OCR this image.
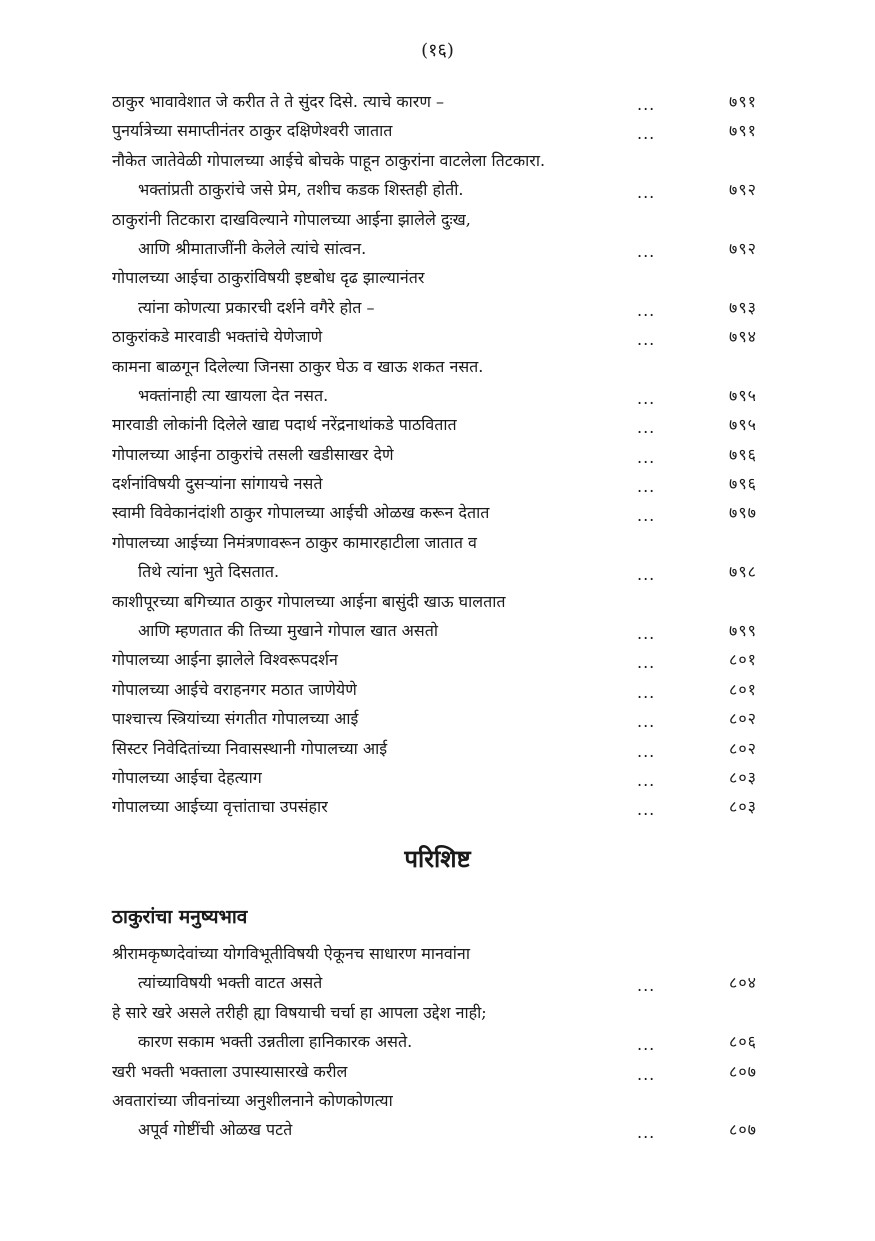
(१६)
ठाकुर भावावेशात जे करीत ते ते सुंदर दिसे. त्याचे कारण –	...	७९१
पुनर्यात्रेच्या समाप्तीनंतर ठाकुर दक्षिणेश्वरी जातात	...	७९१
नौकेत जातेवेळी गोपालच्या आईचे बोचके पाहून ठाकुरांना वाटलेला तिटकारा.
भक्तांप्रती ठाकुरांचे जसे प्रेम, तशीच कडक शिस्तही होती.	...	७९२
ठाकुरांनी तिटकारा दाखविल्याने गोपालच्या आईना झालेले दुःख,
आणि श्रीमाताजींनी केलेले त्यांचे सांत्वन.	...	७९२
गोपालच्या आईचा ठाकुरांविषयी इष्टबोध दृढ झाल्यानंतर
त्यांना कोणत्या प्रकारची दर्शने वगैरे होत –	...	७९३
ठाकुरांकडे मारवाडी भक्तांचे येणेजाणे	...	७९४
कामना बाळगून दिलेल्या जिनसा ठाकुर घेऊ व खाऊ शकत नसत.
भक्तांनाही त्या खायला देत नसत.	...	७९५
मारवाडी लोकांनी दिलेले खाद्य पदार्थ नरेंद्रनाथांकडे पाठवितात	...	७९५
गोपालच्या आईना ठाकुरांचे तसली खडीसाखर देणे	...	७९६
दर्शनांविषयी दुसऱ्यांना सांगायचे नसते	...	७९६
स्वामी विवेकानंदांशी ठाकुर गोपालच्या आईची ओळख करून देतात	...	७९७
गोपालच्या आईच्या निमंत्रणावरून ठाकुर कामारहाटीला जातात व
तिथे त्यांना भुते दिसतात.	...	७९८
काशीपूरच्या बगिच्यात ठाकुर गोपालच्या आईना बासुंदी खाऊ घालतात
आणि म्हणतात की तिच्या मुखाने गोपाल खात असतो	...	७९९
गोपालच्या आईना झालेले विश्वरूपदर्शन	...	८०१
गोपालच्या आईचे वराहनगर मठात जाणेयेणे	...	८०१
पाश्चात्त्य स्त्रियांच्या संगतीत गोपालच्या आई	...	८०२
सिस्टर निवेदितांच्या निवासस्थानी गोपालच्या आई	...	८०२
गोपालच्या आईचा देहत्याग	...	८०३
गोपालच्या आईच्या वृत्तांताचा उपसंहार	...	८०३
परिशिष्ट
ठाकुरांचा मनुष्यभाव
श्रीरामकृष्णदेवांच्या योगविभूतीविषयी ऐकूनच साधारण मानवांना
त्यांच्याविषयी भक्ती वाटत असते	...	८०४
हे सारे खरे असले तरीही ह्या विषयाची चर्चा हा आपला उद्देश नाही;
कारण सकाम भक्ती उन्नतीला हानिकारक असते.	...	८०६
खरी भक्ती भक्ताला उपास्यासारखे करील	...	८०७
अवतारांच्या जीवनांच्या अनुशीलनाने कोणकोणत्या
अपूर्व गोष्टींची ओळख पटते	...	८०७
